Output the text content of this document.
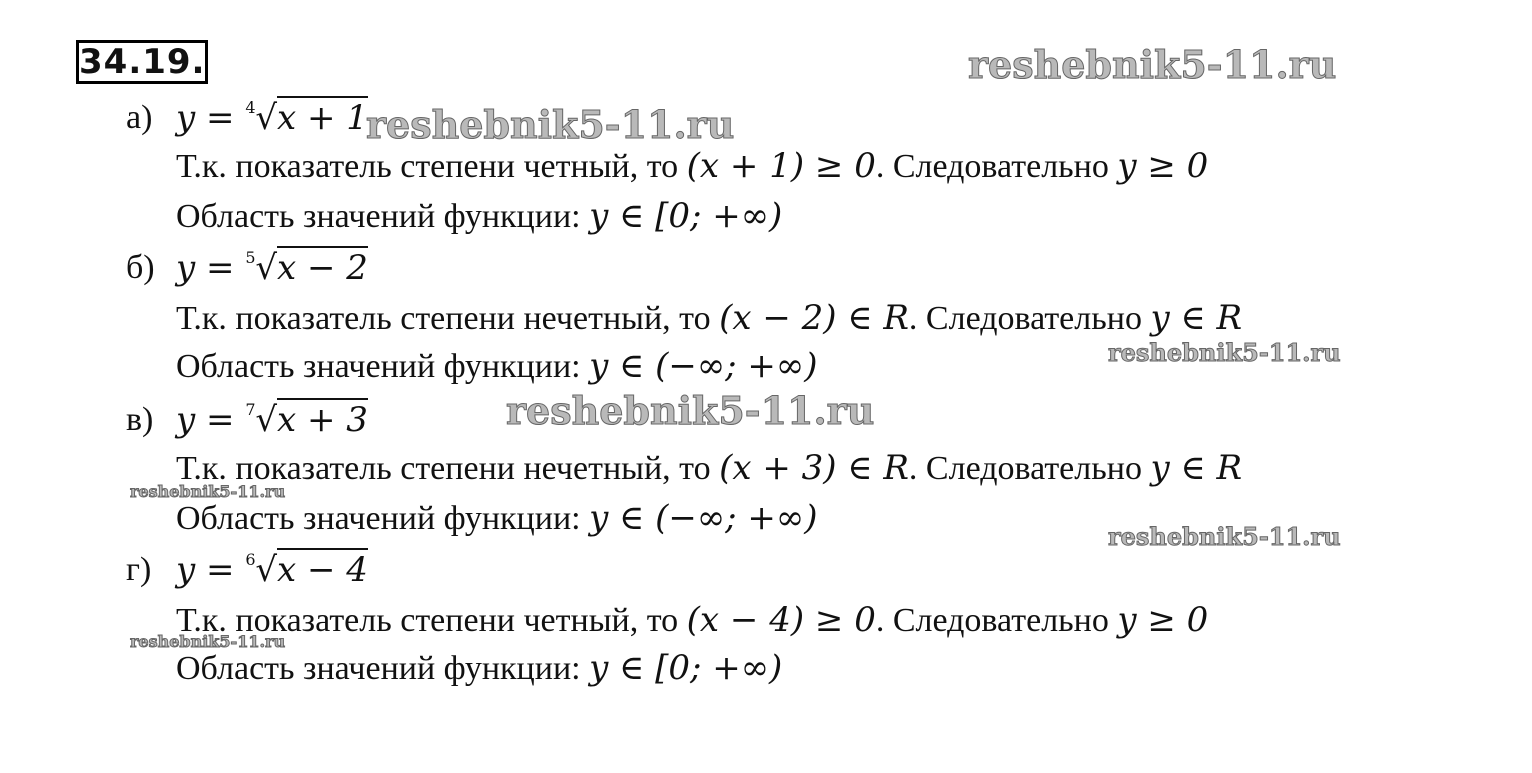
34.19.
а) y = 4 √x + 1
Т.к. показатель степени четный, то (x + 1) ≥ 0. Следовательно y ≥ 0
Область значений функции: y ∈ [0; +∞)
б) y = 5 √x − 2
Т.к. показатель степени нечетный, то (x − 2) ∈ R. Следовательно y ∈ R
Область значений функции: y ∈ (−∞; +∞)
в) y = 7 √x + 3
Т.к. показатель степени нечетный, то (x + 3) ∈ R. Следовательно y ∈ R
Область значений функции: y ∈ (−∞; +∞)
г) y = 6 √x − 4
Т.к. показатель степени четный, то (x − 4) ≥ 0. Следовательно y ≥ 0
Область значений функции: y ∈ [0; +∞)
reshebnik5-11.ru
reshebnik5-11.ru
reshebnik5-11.ru
reshebnik5-11.ru
reshebnik5-11.ru
reshebnik5-11.ru
reshebnik5-11.ru
